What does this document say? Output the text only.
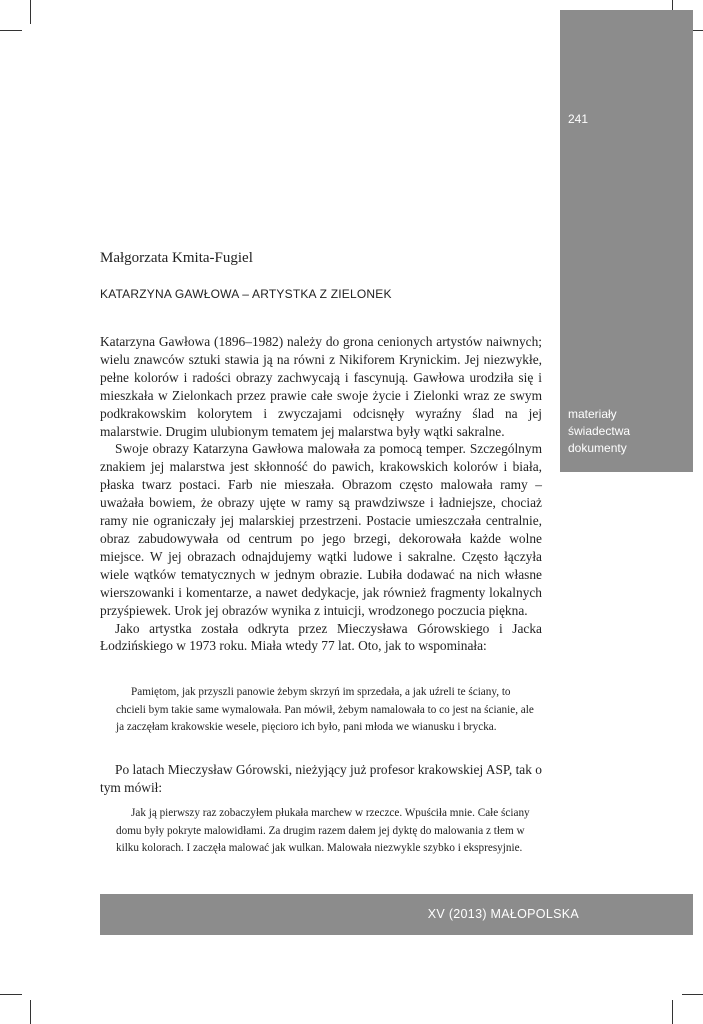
241
materiały
świadectwa
dokumenty
Małgorzata Kmita-Fugiel
KATARZYNA GAWŁOWA – ARTYSTKA Z ZIELONEK

Katarzyna Gawłowa (1896–1982) należy do grona cenionych artystów naiwnych; wielu znawców sztuki stawia ją na równi z Nikiforem Krynickim. Jej niezwykłe, pełne kolorów i radości obrazy zachwycają i fascynują. Gawłowa urodziła się i mieszkała w Zielonkach przez prawie całe swoje życie i Zielonki wraz ze swym podkrakowskim kolorytem i zwyczajami odcisnęły wyraźny ślad na jej malarstwie. Drugim ulubionym tematem jej malarstwa były wątki sakralne.

Swoje obrazy Katarzyna Gawłowa malowała za pomocą temper. Szczególnym znakiem jej malarstwa jest skłonność do pawich, krakowskich kolorów i biała, płaska twarz postaci. Farb nie mieszała. Obrazom często malowała ramy – uważała bowiem, że obrazy ujęte w ramy są prawdziwsze i ładniejsze, chociaż ramy nie ograniczały jej malarskiej przestrzeni. Postacie umieszczała centralnie, obraz zabudowywała od centrum po jego brzegi, dekorowała każde wolne miejsce. W jej obrazach odnajdujemy wątki ludowe i sakralne. Często łączyła wiele wątków tematycznych w jednym obrazie. Lubiła dodawać na nich własne wierszowanki i komentarze, a nawet dedykacje, jak również fragmenty lokalnych przyśpiewek. Urok jej obrazów wynika z intuicji, wrodzonego poczucia piękna.

Jako artystka została odkryta przez Mieczysława Górowskiego i Jacka Łodzińskiego w 1973 roku. Miała wtedy 77 lat. Oto, jak to wspominała:

Pamiętom, jak przyszli panowie żebym skrzyń im sprzedała, a jak uźreli te ściany, to chcieli bym takie same wymalowała. Pan mówił, żebym namalowała to co jest na ścianie, ale ja zaczęłam krakowskie wesele, pięcioro ich było, pani młoda we wianusku i brycka.

Po latach Mieczysław Górowski, nieżyjący już profesor krakowskiej ASP, tak o tym mówił:

Jak ją pierwszy raz zobaczyłem płukała marchew w rzeczce. Wpuściła mnie. Całe ściany domu były pokryte malowidłami. Za drugim razem dałem jej dyktę do malowania z tłem w kilku kolorach. I zaczęła malować jak wulkan. Malowała niezwykle szybko i ekspresyjnie.

XV (2013) MAŁOPOLSKA
